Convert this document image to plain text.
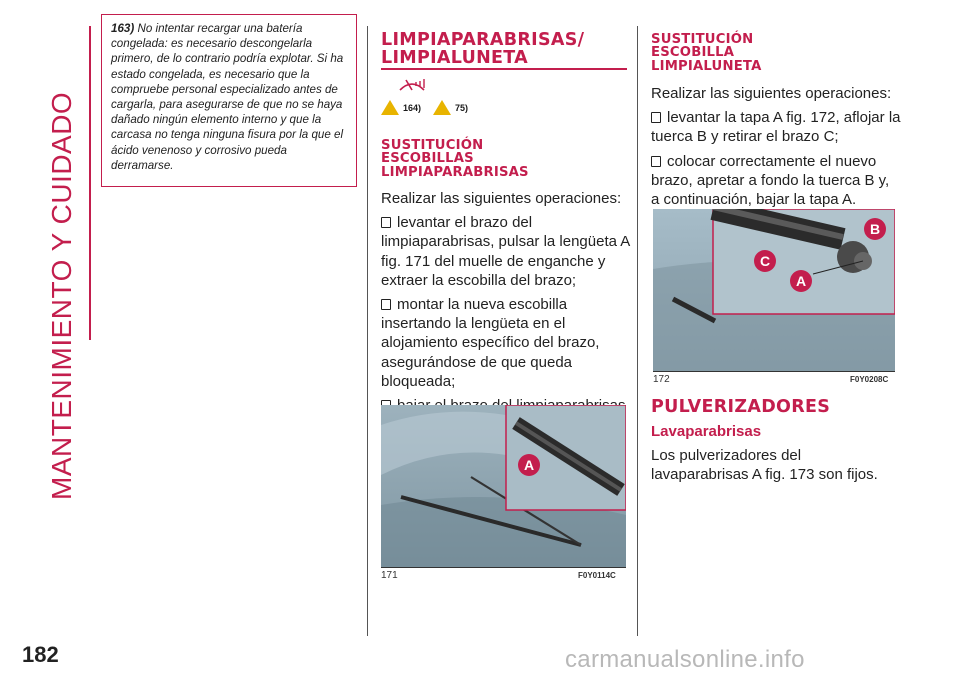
MANTENIMIENTO Y CUIDADO
182
163) No intentar recargar una batería congelada: es necesario descongelarla primero, de lo contrario podría explotar. Si ha estado congelada, es necesario que la compruebe personal especializado antes de cargarla, para asegurarse de que no se haya dañado ningún elemento interno y que la carcasa no tenga ninguna fisura por la que el ácido venenoso y corrosivo pueda derramarse.
LIMPIAPARABRISAS/
LIMPIALUNETA
164)	75)
SUSTITUCIÓN
ESCOBILLAS
LIMPIAPARABRISAS
Realizar las siguientes operaciones:
levantar el brazo del limpiaparabrisas, pulsar la lengüeta A fig. 171 del muelle de enganche y extraer la escobilla del brazo;
montar la nueva escobilla insertando la lengüeta en el alojamiento específico del brazo, asegurándose de que queda bloqueada;
A
171	F0Y0114C
SUSTITUCIÓN
ESCOBILLA
LIMPIALUNETA
Realizar las siguientes operaciones:
levantar la tapa A fig. 172, aflojar la tuerca B y retirar el brazo C;
colocar correctamente el nuevo brazo, apretar a fondo la tuerca B y, a continuación, bajar la tapa A.
B
C
A
172	F0Y0208C
PULVERIZADORES
Lavaparabrisas
Los pulverizadores del lavaparabrisas A fig. 173 son fijos.
carmanualsonline.info
